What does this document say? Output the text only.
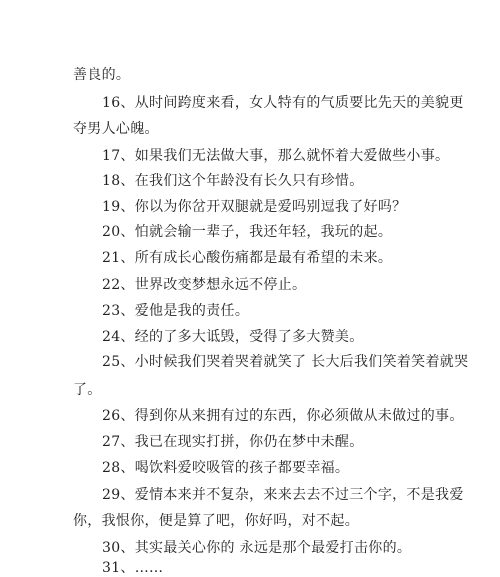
善良的。
16、从时间跨度来看，女人特有的气质要比先天的美貌更
夺男人心魄。
17、如果我们无法做大事，那么就怀着大爱做些小事。
18、在我们这个年龄没有长久只有珍惜。
19、你以为你岔开双腿就是爱吗别逗我了好吗？
20、怕就会输一辈子，我还年轻，我玩的起。
21、所有成长心酸伤痛都是最有希望的未来。
22、世界改变梦想永远不停止。
23、爱他是我的责任。
24、经的了多大诋毁，受得了多大赞美。
25、小时候我们哭着哭着就笑了 长大后我们笑着笑着就哭
了。
26、得到你从来拥有过的东西，你必须做从未做过的事。
27、我已在现实打拼，你仍在梦中未醒。
28、喝饮料爱咬吸管的孩子都要幸福。
29、爱情本来并不复杂，来来去去不过三个字，不是我爱
你，我恨你，便是算了吧，你好吗，对不起。
30、其实最关心你的 永远是那个最爱打击你的。
31、……
